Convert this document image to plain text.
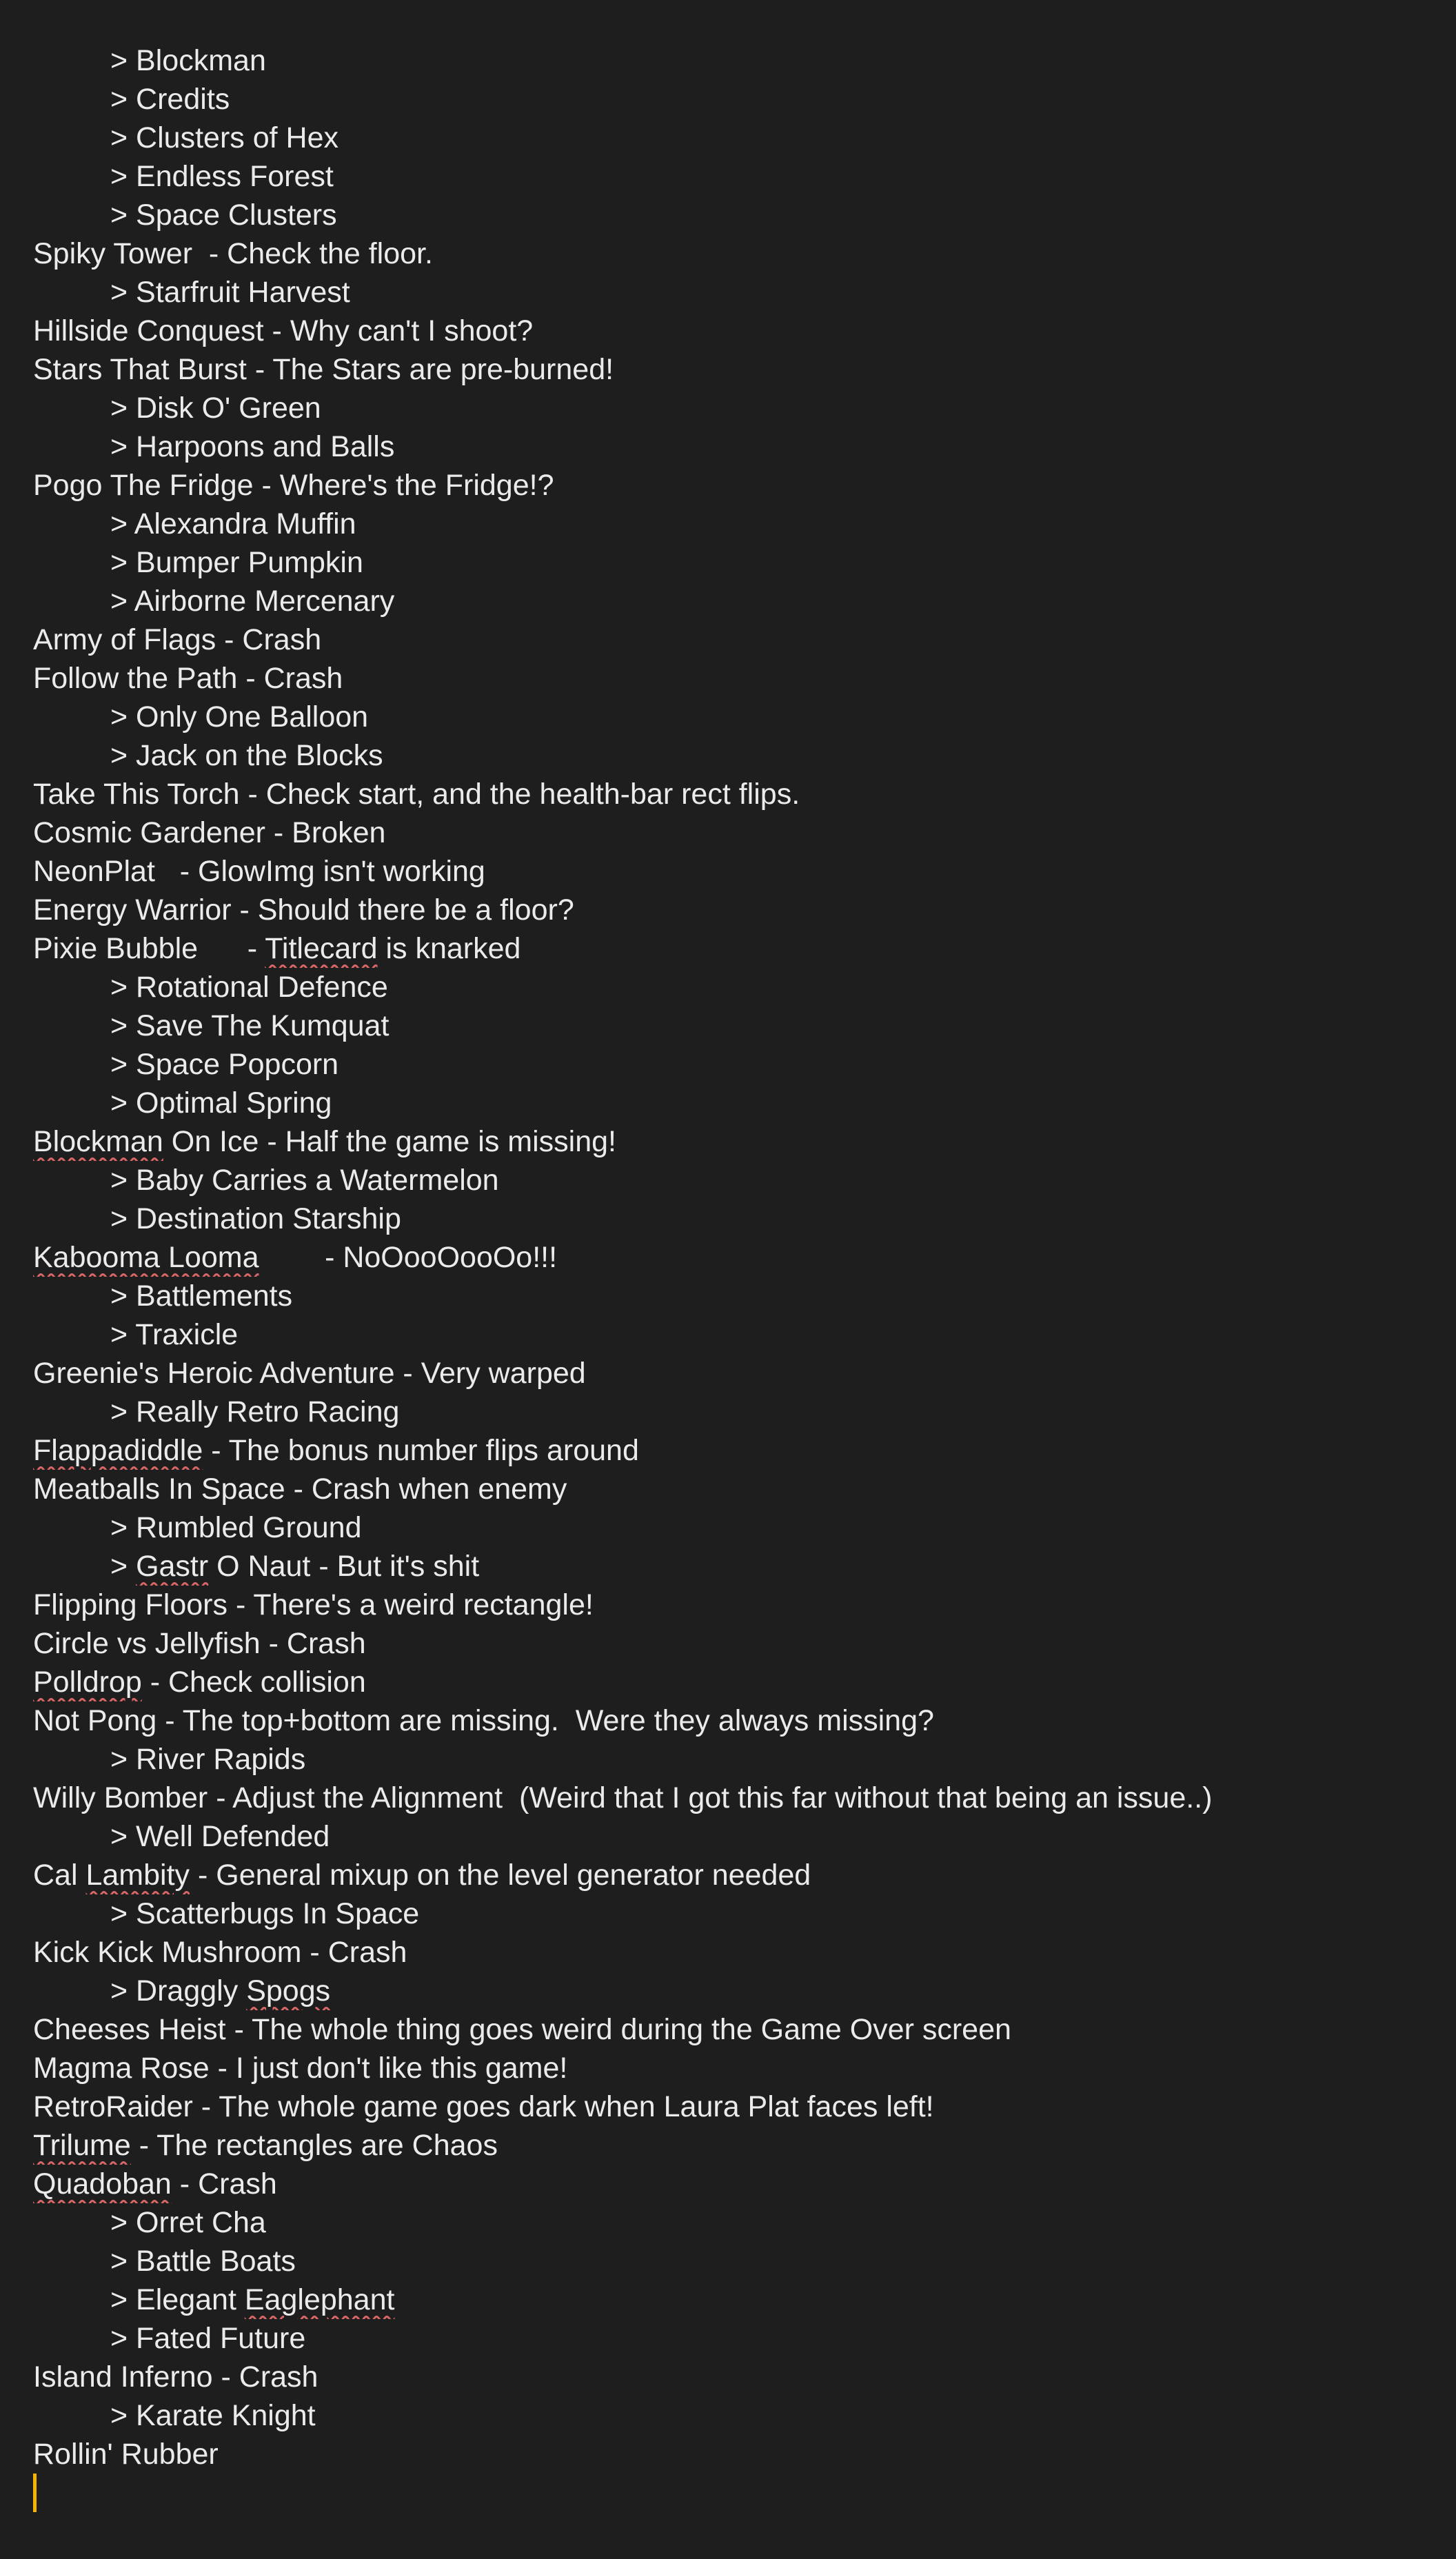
> Blockman
> Credits
> Clusters of Hex
> Endless Forest
> Space Clusters
Spiky Tower  - Check the floor.
> Starfruit Harvest
Hillside Conquest - Why can't I shoot?
Stars That Burst - The Stars are pre-burned!
> Disk O' Green
> Harpoons and Balls
Pogo The Fridge - Where's the Fridge!?
> Alexandra Muffin
> Bumper Pumpkin
> Airborne Mercenary
Army of Flags - Crash
Follow the Path - Crash
> Only One Balloon
> Jack on the Blocks
Take This Torch - Check start, and the health-bar rect flips.
Cosmic Gardener - Broken
NeonPlat   - GlowImg isn't working
Energy Warrior - Should there be a floor?
Pixie Bubble      - Titlecard is knarked
> Rotational Defence
> Save The Kumquat
> Space Popcorn
> Optimal Spring
Blockman On Ice - Half the game is missing!
> Baby Carries a Watermelon
> Destination Starship
Kabooma Looma        - NoOooOooOo!!!
> Battlements
> Traxicle
Greenie's Heroic Adventure - Very warped
> Really Retro Racing
Flappadiddle - The bonus number flips around
Meatballs In Space - Crash when enemy
> Rumbled Ground
> Gastr O Naut - But it's shit
Flipping Floors - There's a weird rectangle!
Circle vs Jellyfish - Crash
Polldrop - Check collision
Not Pong - The top+bottom are missing.  Were they always missing?
> River Rapids
Willy Bomber - Adjust the Alignment  (Weird that I got this far without that being an issue..)
> Well Defended
Cal Lambity - General mixup on the level generator needed
> Scatterbugs In Space
Kick Kick Mushroom - Crash
> Draggly Spogs
Cheeses Heist - The whole thing goes weird during the Game Over screen
Magma Rose - I just don't like this game!
RetroRaider - The whole game goes dark when Laura Plat faces left!
Trilume - The rectangles are Chaos
Quadoban - Crash
> Orret Cha
> Battle Boats
> Elegant Eaglephant
> Fated Future
Island Inferno - Crash
> Karate Knight
Rollin' Rubber
